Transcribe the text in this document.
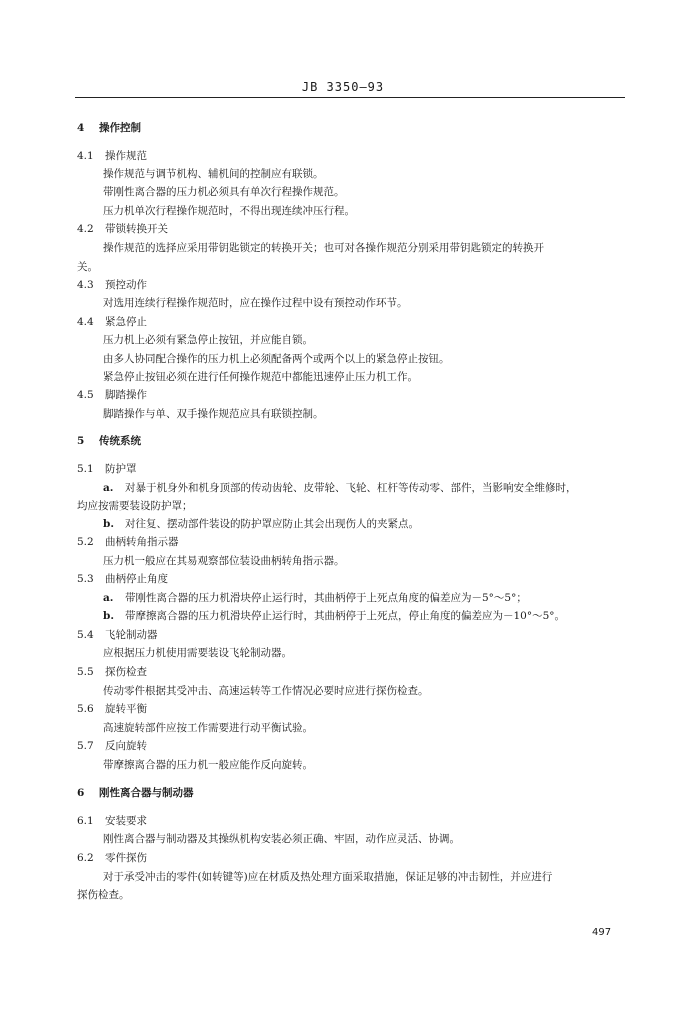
JB 3350—93
4 操作控制
4.1 操作规范
操作规范与调节机构、辅机间的控制应有联锁。
带刚性离合器的压力机必须具有单次行程操作规范。
压力机单次行程操作规范时，不得出现连续冲压行程。
4.2 带锁转换开关
操作规范的选择应采用带钥匙锁定的转换开关；也可对各操作规范分别采用带钥匙锁定的转换开
关。
4.3 预控动作
对选用连续行程操作规范时，应在操作过程中设有预控动作环节。
4.4 紧急停止
压力机上必须有紧急停止按钮，并应能自锁。
由多人协同配合操作的压力机上必须配备两个或两个以上的紧急停止按钮。
紧急停止按钮必须在进行任何操作规范中都能迅速停止压力机工作。
4.5 脚踏操作
脚踏操作与单、双手操作规范应具有联锁控制。
5 传统系统
5.1 防护罩
a. 对暴于机身外和机身顶部的传动齿轮、皮带轮、飞轮、杠杆等传动零、部件，当影响安全维修时，
均应按需要装设防护罩；
b. 对往复、摆动部件装设的防护罩应防止其会出现伤人的夹紧点。
5.2 曲柄转角指示器
压力机一般应在其易观察部位装设曲柄转角指示器。
5.3 曲柄停止角度
a. 带刚性离合器的压力机滑块停止运行时，其曲柄停于上死点角度的偏差应为－5°～5°；
b. 带摩擦离合器的压力机滑块停止运行时，其曲柄停于上死点，停止角度的偏差应为－10°～5°。
5.4 飞轮制动器
应根据压力机使用需要装设飞轮制动器。
5.5 探伤检查
传动零件根据其受冲击、高速运转等工作情况必要时应进行探伤检查。
5.6 旋转平衡
高速旋转部件应按工作需要进行动平衡试验。
5.7 反向旋转
带摩擦离合器的压力机一般应能作反向旋转。
6 刚性离合器与制动器
6.1 安装要求
刚性离合器与制动器及其操纵机构安装必须正确、牢固，动作应灵活、协调。
6.2 零件探伤
对于承受冲击的零件(如转键等)应在材质及热处理方面采取措施，保证足够的冲击韧性，并应进行
探伤检查。
497
